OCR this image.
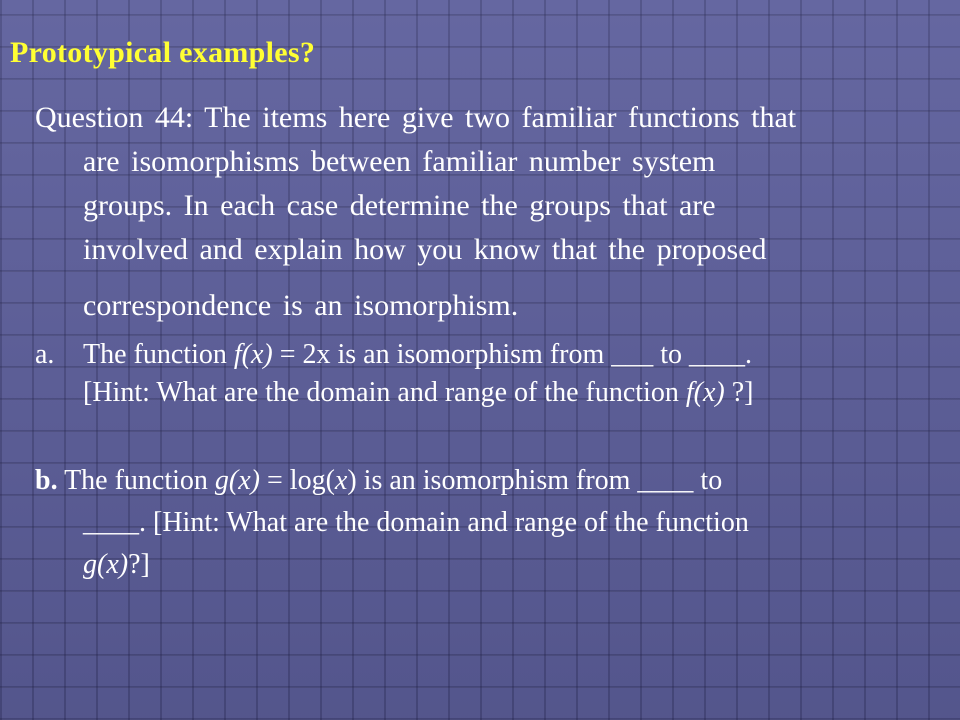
Prototypical examples?
Question 44: The items here give two familiar functions that
are isomorphisms between familiar number system
groups. In each case determine the groups that are
involved and explain how you know that the proposed
correspondence is an isomorphism.
a.	The function f(x) = 2x is an isomorphism from ___ to ____.
[Hint: What are the domain and range of the function f(x) ?]
b. The function g(x) = log(x) is an isomorphism from ____ to
____. [Hint: What are the domain and range of the function
g(x)?]
